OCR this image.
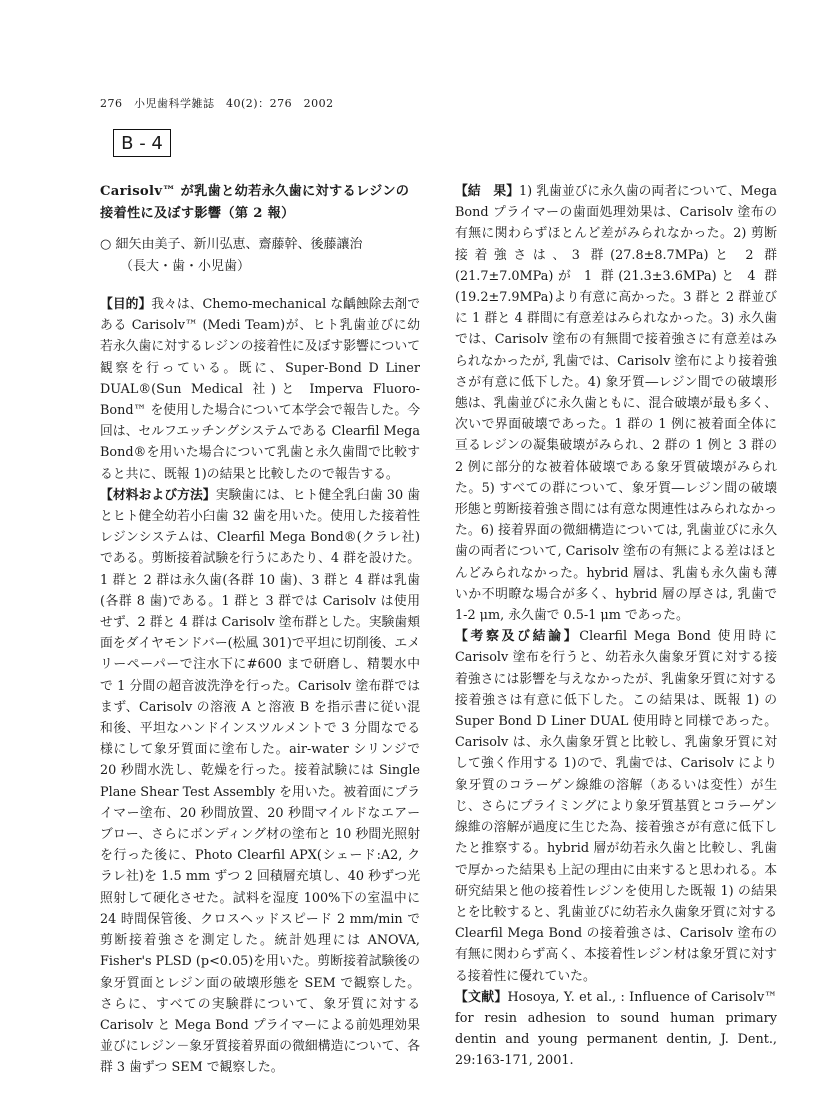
276　小児歯科学雑誌　40(2)：276　2002
B - 4
Carisolv™ が乳歯と幼若永久歯に対するレジンの接着性に及ぼす影響（第 2 報）
○ 細矢由美子、新川弘恵、齋藤幹、後藤讓治
（長大・歯・小児歯）

【目的】我々は、Chemo-mechanical な齲蝕除去剤である Carisolv™ (Medi Team)が、ヒト乳歯並びに幼若永久歯に対するレジンの接着性に及ぼす影響について観察を行っている。既に、Super-Bond D Liner DUAL®(Sun Medical 社)と Imperva Fluoro-Bond™ を使用した場合について本学会で報告した。今回は、セルフエッチングシステムである Clearfil Mega Bond®を用いた場合について乳歯と永久歯間で比較すると共に、既報 1)の結果と比較したので報告する。

【材料および方法】実験歯には、ヒト健全乳臼歯 30 歯とヒト健全幼若小臼歯 32 歯を用いた。使用した接着性レジンシステムは、Clearfil Mega Bond®(クラレ社)である。剪断接着試験を行うにあたり、4 群を設けた。1 群と 2 群は永久歯(各群 10 歯)、3 群と 4 群は乳歯(各群 8 歯)である。1 群と 3 群では Carisolv は使用せず、2 群と 4 群は Carisolv 塗布群とした。実験歯頬面をダイヤモンドバー(松風 301)で平坦に切削後、エメリーペーパーで注水下に#600 まで研磨し、精製水中で 1 分間の超音波洗浄を行った。Carisolv 塗布群ではまず、Carisolv の溶液 A と溶液 B を指示書に従い混和後、平坦なハンドインスツルメントで 3 分間なでる様にして象牙質面に塗布した。air-water シリンジで 20 秒間水洗し、乾燥を行った。接着試験には Single Plane Shear Test Assembly を用いた。被着面にプライマー塗布、20 秒間放置、20 秒間マイルドなエアーブロー、さらにボンディング材の塗布と 10 秒間光照射を行った後に、Photo Clearfil APX(シェード:A2, クラレ社)を 1.5 mm ずつ 2 回積層充填し、40 秒ずつ光照射して硬化させた。試料を湿度 100%下の室温中に 24 時間保管後、クロスヘッドスピード 2 mm/min で剪断接着強さを測定した。統計処理には ANOVA, Fisher's PLSD (p<0.05)を用いた。剪断接着試験後の象牙質面とレジン面の破壊形態を SEM で観察した。さらに、すべての実験群について、象牙質に対する Carisolv と Mega Bond プライマーによる前処理効果並びにレジン－象牙質接着界面の微細構造について、各群 3 歯ずつ SEM で観察した。

【結　果】1) 乳歯並びに永久歯の両者について、Mega Bond プライマーの歯面処理効果は、Carisolv 塗布の有無に関わらずほとんど差がみられなかった。2) 剪断接着強さは、3 群(27.8±8.7MPa)と 2 群(21.7±7.0MPa)が 1 群(21.3±3.6MPa)と 4 群(19.2±7.9MPa)より有意に高かった。3 群と 2 群並びに 1 群と 4 群間に有意差はみられなかった。3) 永久歯では、Carisolv 塗布の有無間で接着強さに有意差はみられなかったが, 乳歯では、Carisolv 塗布により接着強さが有意に低下した。4) 象牙質―レジン間での破壊形態は、乳歯並びに永久歯ともに、混合破壊が最も多く、次いで界面破壊であった。1 群の 1 例に被着面全体に亘るレジンの凝集破壊がみられ、2 群の 1 例と 3 群の 2 例に部分的な被着体破壊である象牙質破壊がみられた。5) すべての群について、象牙質―レジン間の破壊形態と剪断接着強さ間には有意な関連性はみられなかった。6) 接着界面の微細構造については, 乳歯並びに永久歯の両者について, Carisolv 塗布の有無による差はほとんどみられなかった。hybrid 層は、乳歯も永久歯も薄いか不明瞭な場合が多く、hybrid 層の厚さは, 乳歯で 1-2 μm, 永久歯で 0.5-1 μm であった。

【考察及び結論】Clearfil Mega Bond 使用時に Carisolv 塗布を行うと、幼若永久歯象牙質に対する接着強さには影響を与えなかったが、乳歯象牙質に対する接着強さは有意に低下した。この結果は、既報 1) の Super Bond D Liner DUAL 使用時と同様であった。Carisolv は、永久歯象牙質と比較し、乳歯象牙質に対して強く作用する 1)ので、乳歯では、Carisolv により象牙質のコラーゲン線維の溶解（あるいは変性）が生じ、さらにプライミングにより象牙質基質とコラーゲン線維の溶解が過度に生じた為、接着強さが有意に低下したと推察する。hybrid 層が幼若永久歯と比較し、乳歯で厚かった結果も上記の理由に由来すると思われる。本研究結果と他の接着性レジンを使用した既報 1) の結果とを比較すると、乳歯並びに幼若永久歯象牙質に対する Clearfil Mega Bond の接着強さは、Carisolv 塗布の有無に関わらず高く、本接着性レジン材は象牙質に対する接着性に優れていた。

【文献】Hosoya, Y. et al., : Influence of Carisolv™ for resin adhesion to sound human primary dentin and young permanent dentin, J. Dent., 29:163-171, 2001.
